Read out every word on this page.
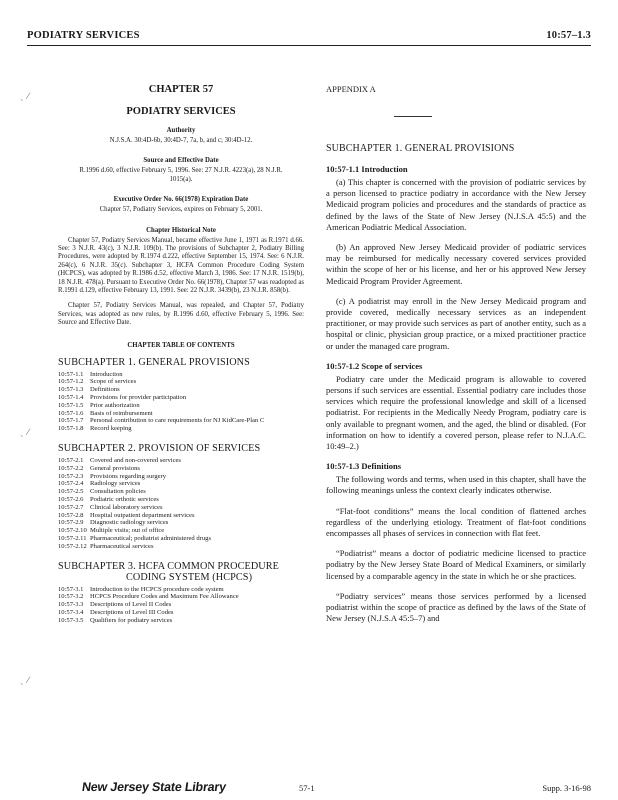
PODIATRY SERVICES	10:57–1.3
ˎ ⁄
ˎ ⁄
ˎ ⁄
CHAPTER 57
PODIATRY SERVICES
Authority

N.J.S.A. 30:4D-6b, 30:4D-7, 7a, b, and c; 30:4D-12.

Source and Effective Date

R.1996 d.60, effective February 5, 1996. See: 27 N.J.R. 4223(a), 28 N.J.R. 1015(a).

Executive Order No. 66(1978) Expiration Date

Chapter 57, Podiatry Services, expires on February 5, 2001.

Chapter Historical Note

Chapter 57, Podiatry Services Manual, became effective June 1, 1971 as R.1971 d.66. See: 3 N.J.R. 43(c), 3 N.J.R. 109(b). The provisions of Subchapter 2, Podiatry Billing Procedures, were adopted by R.1974 d.222, effective September 15, 1974. See: 6 N.J.R. 264(c), 6 N.J.R. 35(c). Subchapter 3, HCFA Common Procedure Coding System (HCPCS), was adopted by R.1986 d.52, effective March 3, 1986. See: 17 N.J.R. 1519(b), 18 N.J.R. 478(a). Pursuant to Executive Order No. 66(1978), Chapter 57 was readopted as R.1991 d.129, effective February 13, 1991. See: 22 N.J.R. 3439(b), 23 N.J.R. 858(b).

Chapter 57, Podiatry Services Manual, was repealed, and Chapter 57, Podiatry Services, was adopted as new rules, by R.1996 d.60, effective February 5, 1996. See: Source and Effective Date.

CHAPTER TABLE OF CONTENTS
SUBCHAPTER 1. GENERAL PROVISIONS
10:57-1.1 Introduction
10:57-1.2 Scope of services
10:57-1.3 Definitions
10:57-1.4 Provisions for provider participation
10:57-1.5 Prior authorization
10:57-1.6 Basis of reimbursement
10:57-1.7 Personal contribution to care requirements for NJ KidCare-Plan C
10:57-1.8 Record keeping
SUBCHAPTER 2. PROVISION OF SERVICES
10:57-2.1 Covered and non-covered services
10:57-2.2 General provisions
10:57-2.3 Provisions regarding surgery
10:57-2.4 Radiology services
10:57-2.5 Consultation policies
10:57-2.6 Podiatric orthotic services
10:57-2.7 Clinical laboratory services
10:57-2.8 Hospital outpatient department services
10:57-2.9 Diagnostic radiology services
10:57-2.10 Multiple visits; out of office
10:57-2.11 Pharmaceutical; podiatrist administered drugs
10:57-2.12 Pharmaceutical services
SUBCHAPTER 3. HCFA COMMON PROCEDURE
CODING SYSTEM (HCPCS)
10:57-3.1 Introduction to the HCPCS procedure code system
10:57-3.2 HCPCS Procedure Codes and Maximum Fee Allowance
10:57-3.3 Descriptions of Level II Codes
10:57-3.4 Descriptions of Level III Codes
10:57-3.5 Qualifiers for podiatry services
APPENDIX A
SUBCHAPTER 1. GENERAL PROVISIONS
10:57-1.1 Introduction

(a) This chapter is concerned with the provision of podiatric services by a person licensed to practice podiatry in accordance with the New Jersey Medicaid program policies and procedures and the standards of practice as defined by the laws of the State of New Jersey (N.J.S.A 45:5) and the American Podiatric Medical Association.

(b) An approved New Jersey Medicaid provider of podiatric services may be reimbursed for medically necessary covered services provided within the scope of her or his license, and her or his approved New Jersey Medicaid Program Provider Agreement.

(c) A podiatrist may enroll in the New Jersey Medicaid program and provide covered, medically necessary services as an independent practitioner, or may provide such services as part of another entity, such as a hospital or clinic, physician group practice, or a mixed practitioner practice or under the managed care program.

10:57-1.2 Scope of services

Podiatry care under the Medicaid program is allowable to covered persons if such services are essential. Essential podiatry care includes those services which require the professional knowledge and skill of a licensed podiatrist. For recipients in the Medically Needy Program, podiatry care is only available to pregnant women, and the aged, the blind or disabled. (For information on how to identify a covered person, please refer to N.J.A.C. 10:49–2.)

10:57-1.3 Definitions

The following words and terms, when used in this chapter, shall have the following meanings unless the context clearly indicates otherwise.

“Flat-foot conditions” means the local condition of flattened arches regardless of the underlying etiology. Treatment of flat-foot conditions encompasses all phases of services in connection with flat feet.

“Podiatrist” means a doctor of podiatric medicine licensed to practice podiatry by the New Jersey State Board of Medical Examiners, or similarly licensed by a comparable agency in the state in which he or she practices.

“Podiatry services” means those services performed by a licensed podiatrist within the scope of practice as defined by the laws of the State of New Jersey (N.J.S.A 45:5–7) and

New Jersey State Library	57-1	Supp. 3-16-98
